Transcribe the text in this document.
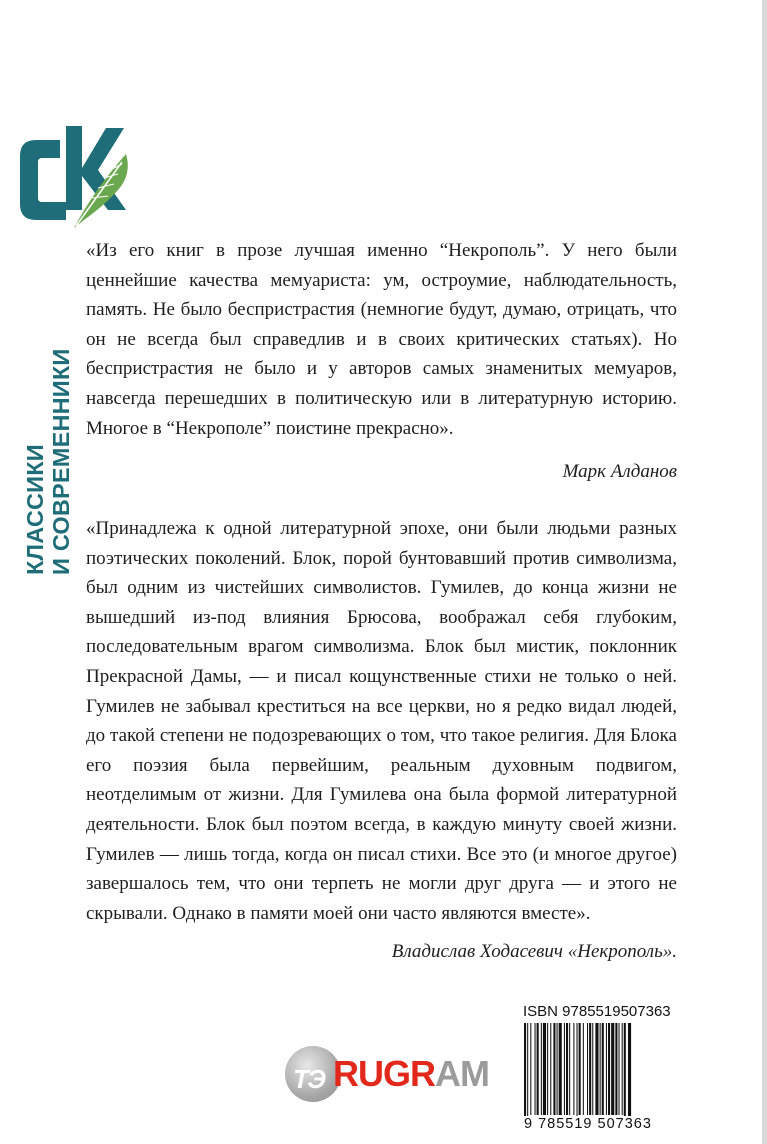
КЛАССИКИ И СОВРЕМЕННИКИ
«Из его книг в прозе лучшая именно “Некрополь”. У него были ценнейшие качества мемуариста: ум, остроумие, наблюдательность, память. Не было беспристрастия (немногие будут, думаю, отрицать, что он не всегда был справедлив и в своих критических статьях). Но беспристрастия не было и у авторов самых знаменитых мемуаров, навсегда перешедших в политическую или в литературную историю. Многое в “Некрополе” поистине прекрасно».
Марк Алданов
«Принадлежа к одной литературной эпохе, они были людьми разных поэтических поколений. Блок, порой бунтовавший против символизма, был одним из чистейших символистов. Гумилев, до конца жизни не вышедший из-под влияния Брюсова, воображал себя глубоким, последовательным врагом символизма. Блок был мистик, поклонник Прекрасной Дамы, — и писал кощунственные стихи не только о ней. Гумилев не забывал креститься на все церкви, но я редко видал людей, до такой степени не подозревающих о том, что такое религия. Для Блока его поэзия была первейшим, реальным духовным подвигом, неотделимым от жизни. Для Гумилева она была формой литературной деятельности. Блок был поэтом всегда, в каждую минуту своей жизни. Гумилев — лишь тогда, когда он писал стихи. Все это (и многое другое) завершалось тем, что они терпеть не могли друг друга — и этого не скрывали. Однако в памяти моей они часто являются вместе».
Владислав Ходасевич «Некрополь».
ТЭ RUGRAM
ISBN 9785519507363
9 785519 507363
